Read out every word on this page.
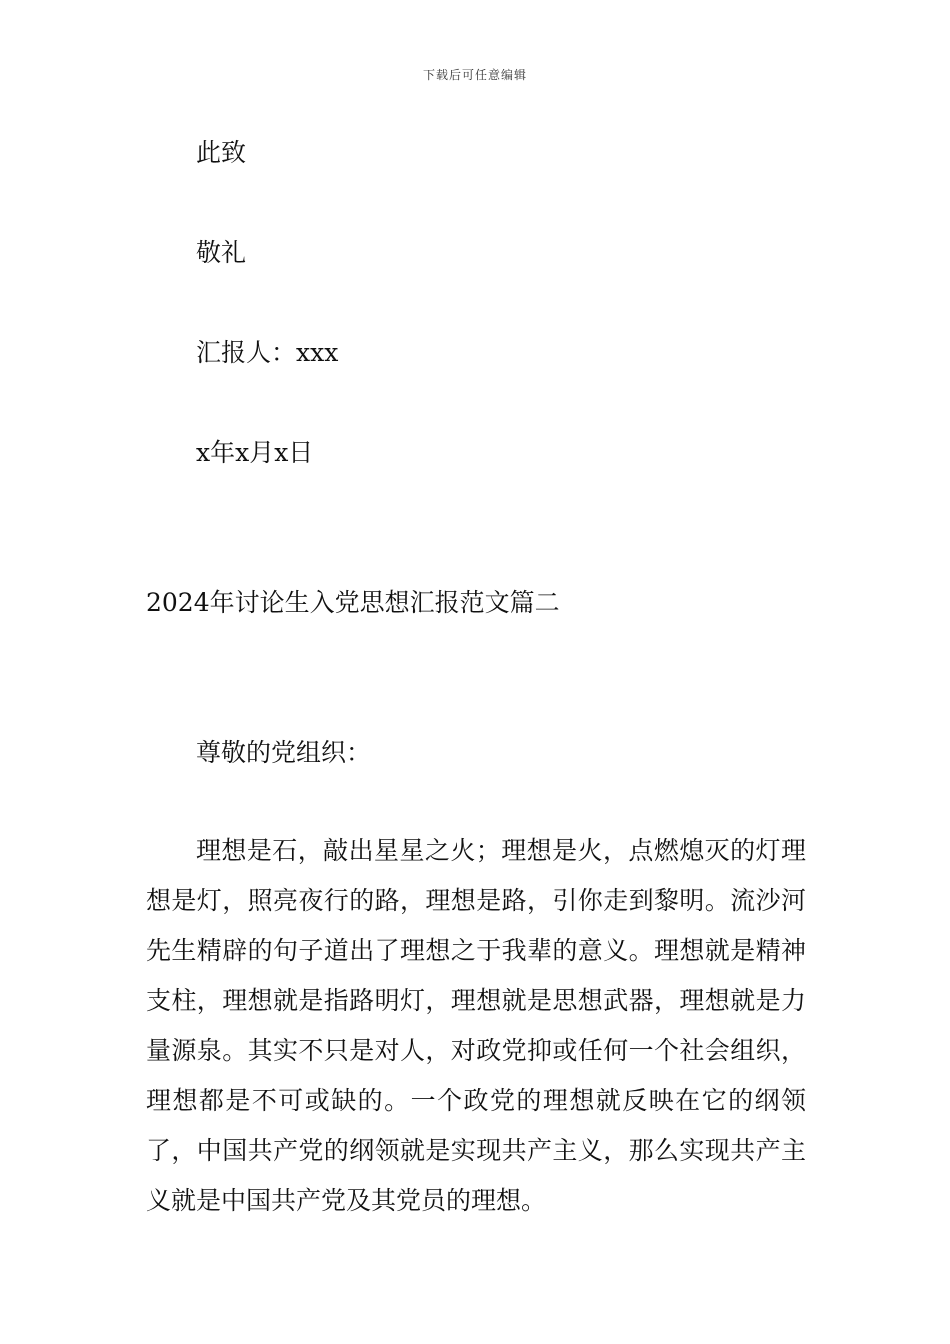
下载后可任意编辑
此致
敬礼
汇报人：xxx
x年x月x日
2024年讨论生入党思想汇报范文篇二
尊敬的党组织：

理想是石，敲出星星之火；理想是火，点燃熄灭的灯理想是灯，照亮夜行的路，理想是路，引你走到黎明。流沙河先生精辟的句子道出了理想之于我辈的意义。理想就是精神支柱，理想就是指路明灯，理想就是思想武器，理想就是力量源泉。其实不只是对人，对政党抑或任何一个社会组织，理想都是不可或缺的。一个政党的理想就反映在它的纲领了，中国共产党的纲领就是实现共产主义，那么实现共产主义就是中国共产党及其党员的理想。
